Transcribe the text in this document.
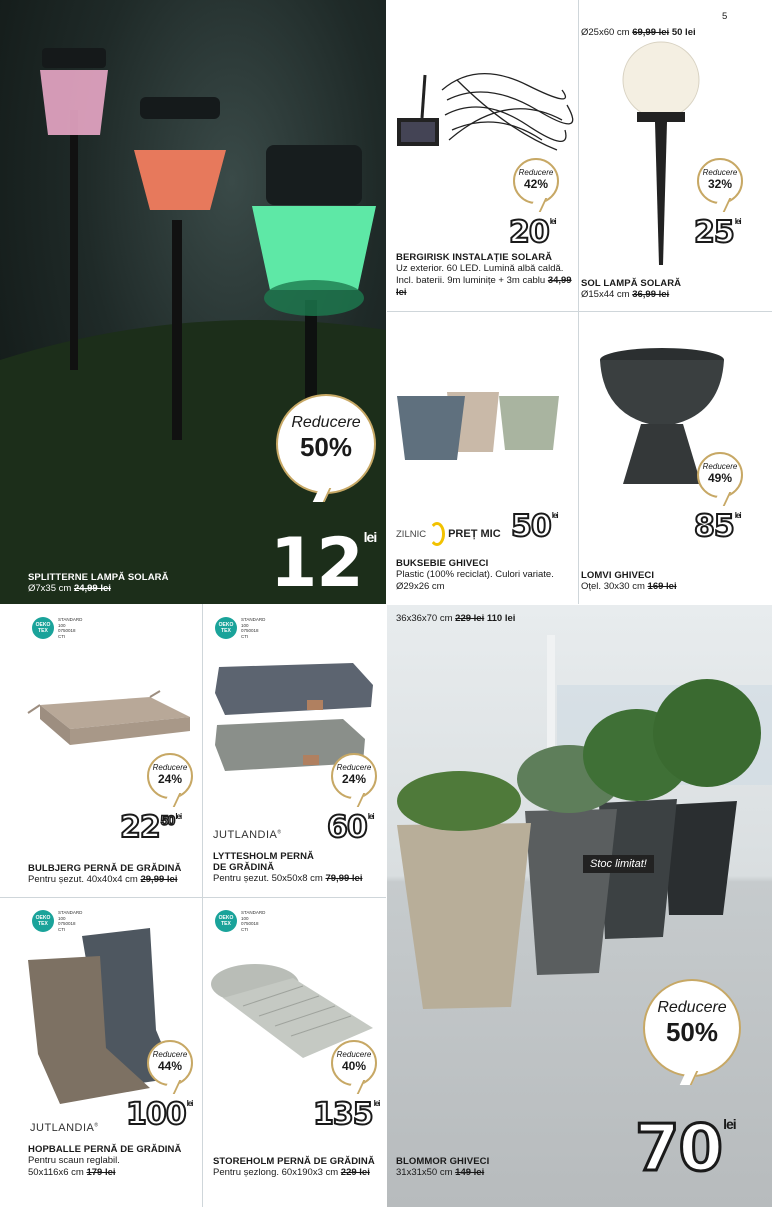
Reducere
50%
$12^{lei}$
SPLITTERNE LAMPĂ SOLARĂ
Ø7x35 cm 24,99 lei
Reducere
42%
$20^{lei}$
BERGIRISK INSTALAȚIE SOLARĂ
Uz exterior. 60 LED. Lumină albă caldă. Incl. baterii. 9m luminițe + 3m cablu 34,99 lei
5
Ø25x60 cm 69,99 lei 50 lei
Reducere
32%
$25^{lei}$
SOL LAMPĂ SOLARĂ
Ø15x44 cm 36,99 lei
ZILNIC PREȚ MIC $50^{lei}$
BUKSEBIE GHIVECI
Plastic (100% reciclat). Culori variate.
Ø29x26 cm
Reducere
49%
$85^{lei}$
LOMVI GHIVECI
Oțel. 30x30 cm 169 lei
OEKO TEX
STANDARD
100
0750018
CTI
Reducere
24%
$22^{50lei}$
BULBJERG PERNĂ DE GRĂDINĂ
Pentru șezut. 40x40x4 cm 29,99 lei
OEKO TEX
STANDARD
100
0750018
CTI
Reducere
24%
JUTLANDIA® $60^{lei}$
LYTTESHOLM PERNĂ
DE GRĂDINĂ
Pentru șezut. 50x50x8 cm 79,99 lei
OEKO TEX
STANDARD
100
0750018
CTI
Reducere
44%
JUTLANDIA® $100^{lei}$
HOPBALLE PERNĂ DE GRĂDINĂ
Pentru scaun reglabil.
50x116x6 cm 179 lei
OEKO TEX
STANDARD
100
0750018
CTI
Reducere
40%
$135^{lei}$
STOREHOLM PERNĂ DE GRĂDINĂ
Pentru șezlong. 60x190x3 cm 229 lei
36x36x70 cm 229 lei 110 lei
Stoc limitat!
Reducere
50%
$70^{lei}$
BLOMMOR GHIVECI
31x31x50 cm 149 lei
